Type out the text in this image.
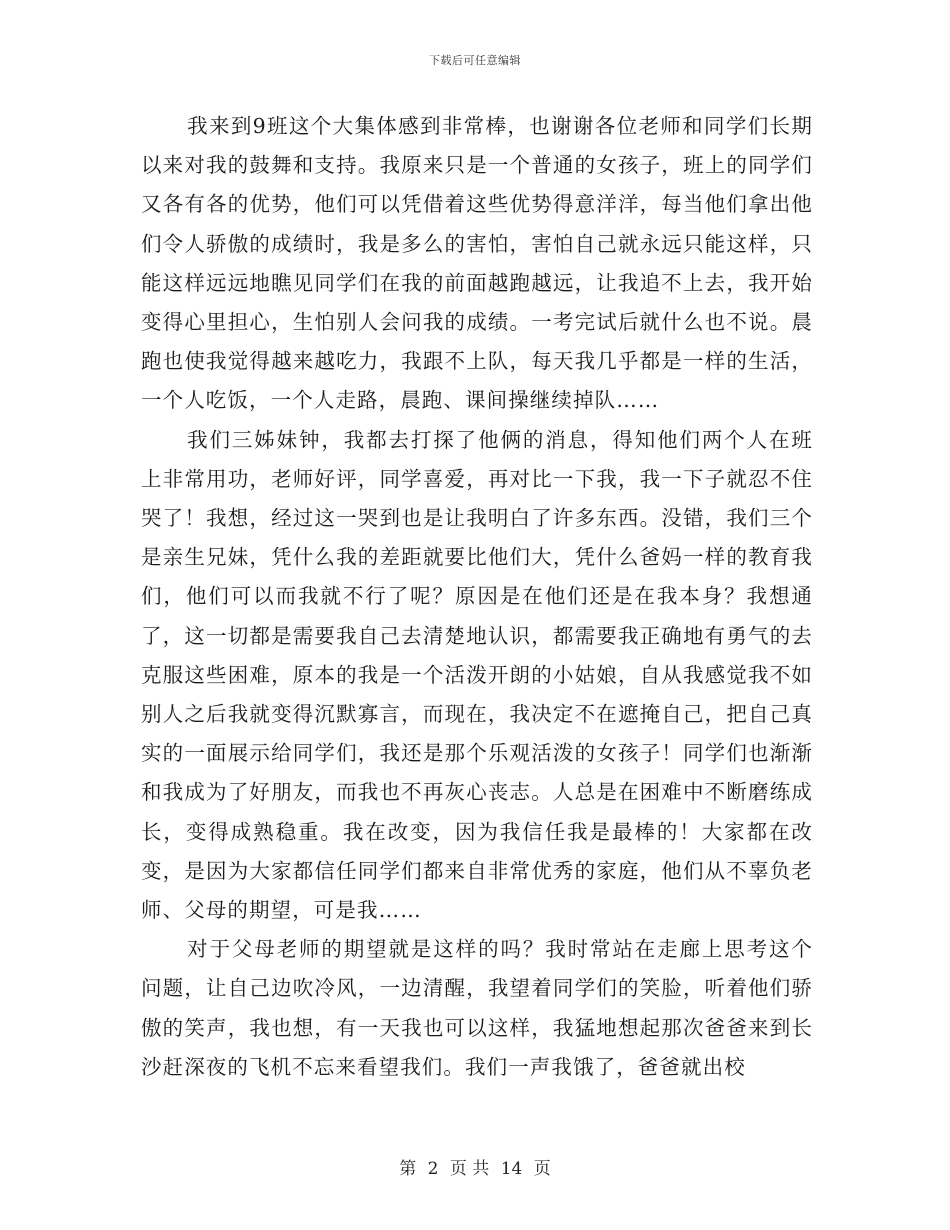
下载后可任意编辑

我来到9班这个大集体感到非常棒，也谢谢各位老师和同学们长期以来对我的鼓舞和支持。我原来只是一个普通的女孩子，班上的同学们又各有各的优势，他们可以凭借着这些优势得意洋洋，每当他们拿出他们令人骄傲的成绩时，我是多么的害怕，害怕自己就永远只能这样，只能这样远远地瞧见同学们在我的前面越跑越远，让我追不上去，我开始变得心里担心，生怕别人会问我的成绩。一考完试后就什么也不说。晨跑也使我觉得越来越吃力，我跟不上队，每天我几乎都是一样的生活，一个人吃饭，一个人走路，晨跑、课间操继续掉队……

我们三姊妹钟，我都去打探了他俩的消息，得知他们两个人在班上非常用功，老师好评，同学喜爱，再对比一下我，我一下子就忍不住哭了！我想，经过这一哭到也是让我明白了许多东西。没错，我们三个是亲生兄妹，凭什么我的差距就要比他们大，凭什么爸妈一样的教育我们，他们可以而我就不行了呢？原因是在他们还是在我本身？我想通了，这一切都是需要我自己去清楚地认识，都需要我正确地有勇气的去克服这些困难，原本的我是一个活泼开朗的小姑娘，自从我感觉我不如别人之后我就变得沉默寡言，而现在，我决定不在遮掩自己，把自己真实的一面展示给同学们，我还是那个乐观活泼的女孩子！同学们也渐渐和我成为了好朋友，而我也不再灰心丧志。人总是在困难中不断磨练成长，变得成熟稳重。我在改变，因为我信任我是最棒的！大家都在改变，是因为大家都信任同学们都来自非常优秀的家庭，他们从不辜负老师、父母的期望，可是我……

对于父母老师的期望就是这样的吗？我时常站在走廊上思考这个问题，让自己边吹冷风，一边清醒，我望着同学们的笑脸，听着他们骄傲的笑声，我也想，有一天我也可以这样，我猛地想起那次爸爸来到长沙赶深夜的飞机不忘来看望我们。我们一声我饿了，爸爸就出校

第 2 页 共 14 页
